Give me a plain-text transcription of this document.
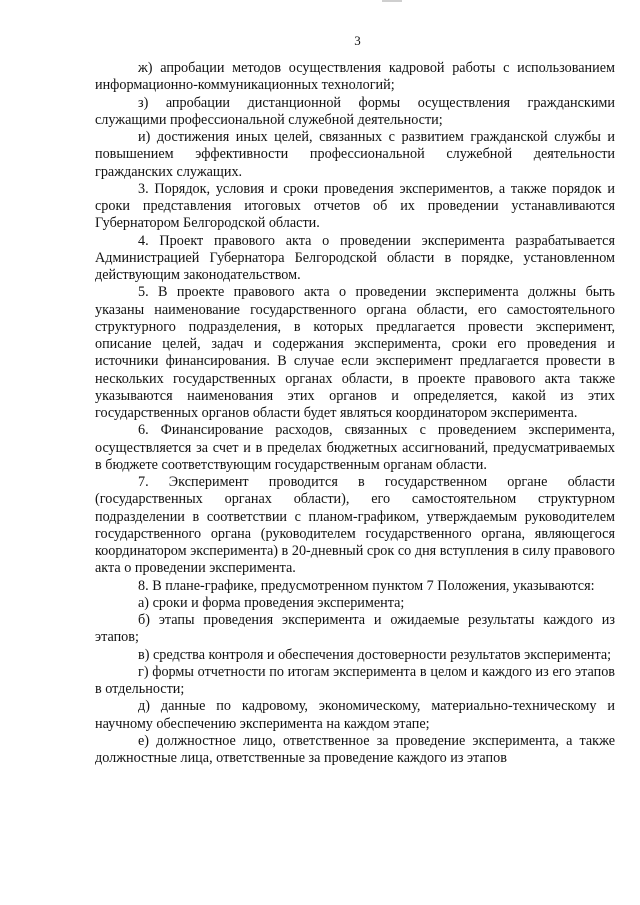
3

ж) апробации методов осуществления кадровой работы с использованием информационно-коммуникационных технологий;

з) апробации дистанционной формы осуществления гражданскими служащими профессиональной служебной деятельности;

и) достижения иных целей, связанных с развитием гражданской службы и повышением эффективности профессиональной служебной деятельности гражданских служащих.

3. Порядок, условия и сроки проведения экспериментов, а также порядок и сроки представления итоговых отчетов об их проведении устанавливаются Губернатором Белгородской области.

4. Проект правового акта о проведении эксперимента разрабатывается Администрацией Губернатора Белгородской области в порядке, установленном действующим законодательством.

5. В проекте правового акта о проведении эксперимента должны быть указаны наименование государственного органа области, его самостоятельного структурного подразделения, в которых предлагается провести эксперимент, описание целей, задач и содержания эксперимента, сроки его проведения и источники финансирования. В случае если эксперимент предлагается провести в нескольких государственных органах области, в проекте правового акта также указываются наименования этих органов и определяется, какой из этих государственных органов области будет являться координатором эксперимента.

6. Финансирование расходов, связанных с проведением эксперимента, осуществляется за счет и в пределах бюджетных ассигнований, предусматриваемых в бюджете соответствующим государственным органам области.

7. Эксперимент проводится в государственном органе области (государственных органах области), его самостоятельном структурном подразделении в соответствии с планом-графиком, утверждаемым руководителем государственного органа (руководителем государственного органа, являющегося координатором эксперимента) в 20-дневный срок со дня вступления в силу правового акта о проведении эксперимента.

8. В плане-графике, предусмотренном пунктом 7 Положения, указываются:

а) сроки и форма проведения эксперимента;

б) этапы проведения эксперимента и ожидаемые результаты каждого из этапов;

в) средства контроля и обеспечения достоверности результатов эксперимента;

г) формы отчетности по итогам эксперимента в целом и каждого из его этапов в отдельности;

д) данные по кадровому, экономическому, материально-техническому и научному обеспечению эксперимента на каждом этапе;

е) должностное лицо, ответственное за проведение эксперимента, а также должностные лица, ответственные за проведение каждого из этапов
